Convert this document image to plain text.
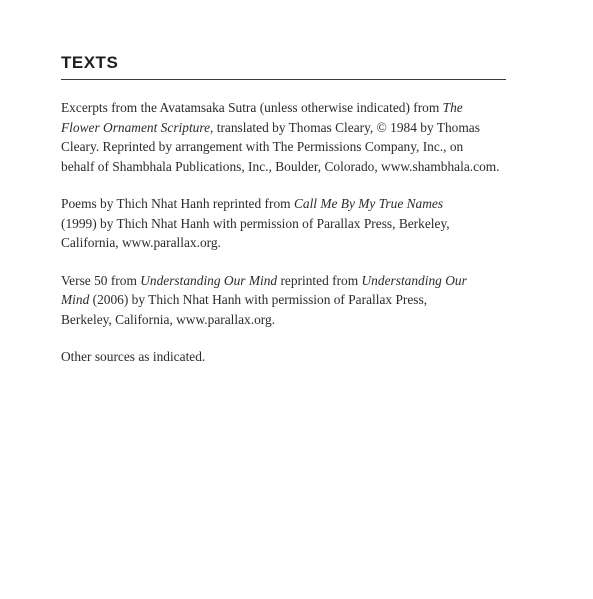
TEXTS

Excerpts from the Avatamsaka Sutra (unless otherwise indicated) from The
Flower Ornament Scripture, translated by Thomas Cleary, © 1984 by Thomas
Cleary. Reprinted by arrangement with The Permissions Company, Inc., on
behalf of Shambhala Publications, Inc., Boulder, Colorado, www.shambhala.com.

Poems by Thich Nhat Hanh reprinted from Call Me By My True Names
(1999) by Thich Nhat Hanh with permission of Parallax Press, Berkeley,
California, www.parallax.org.

Verse 50 from Understanding Our Mind reprinted from Understanding Our
Mind (2006) by Thich Nhat Hanh with permission of Parallax Press,
Berkeley, California, www.parallax.org.

Other sources as indicated.
